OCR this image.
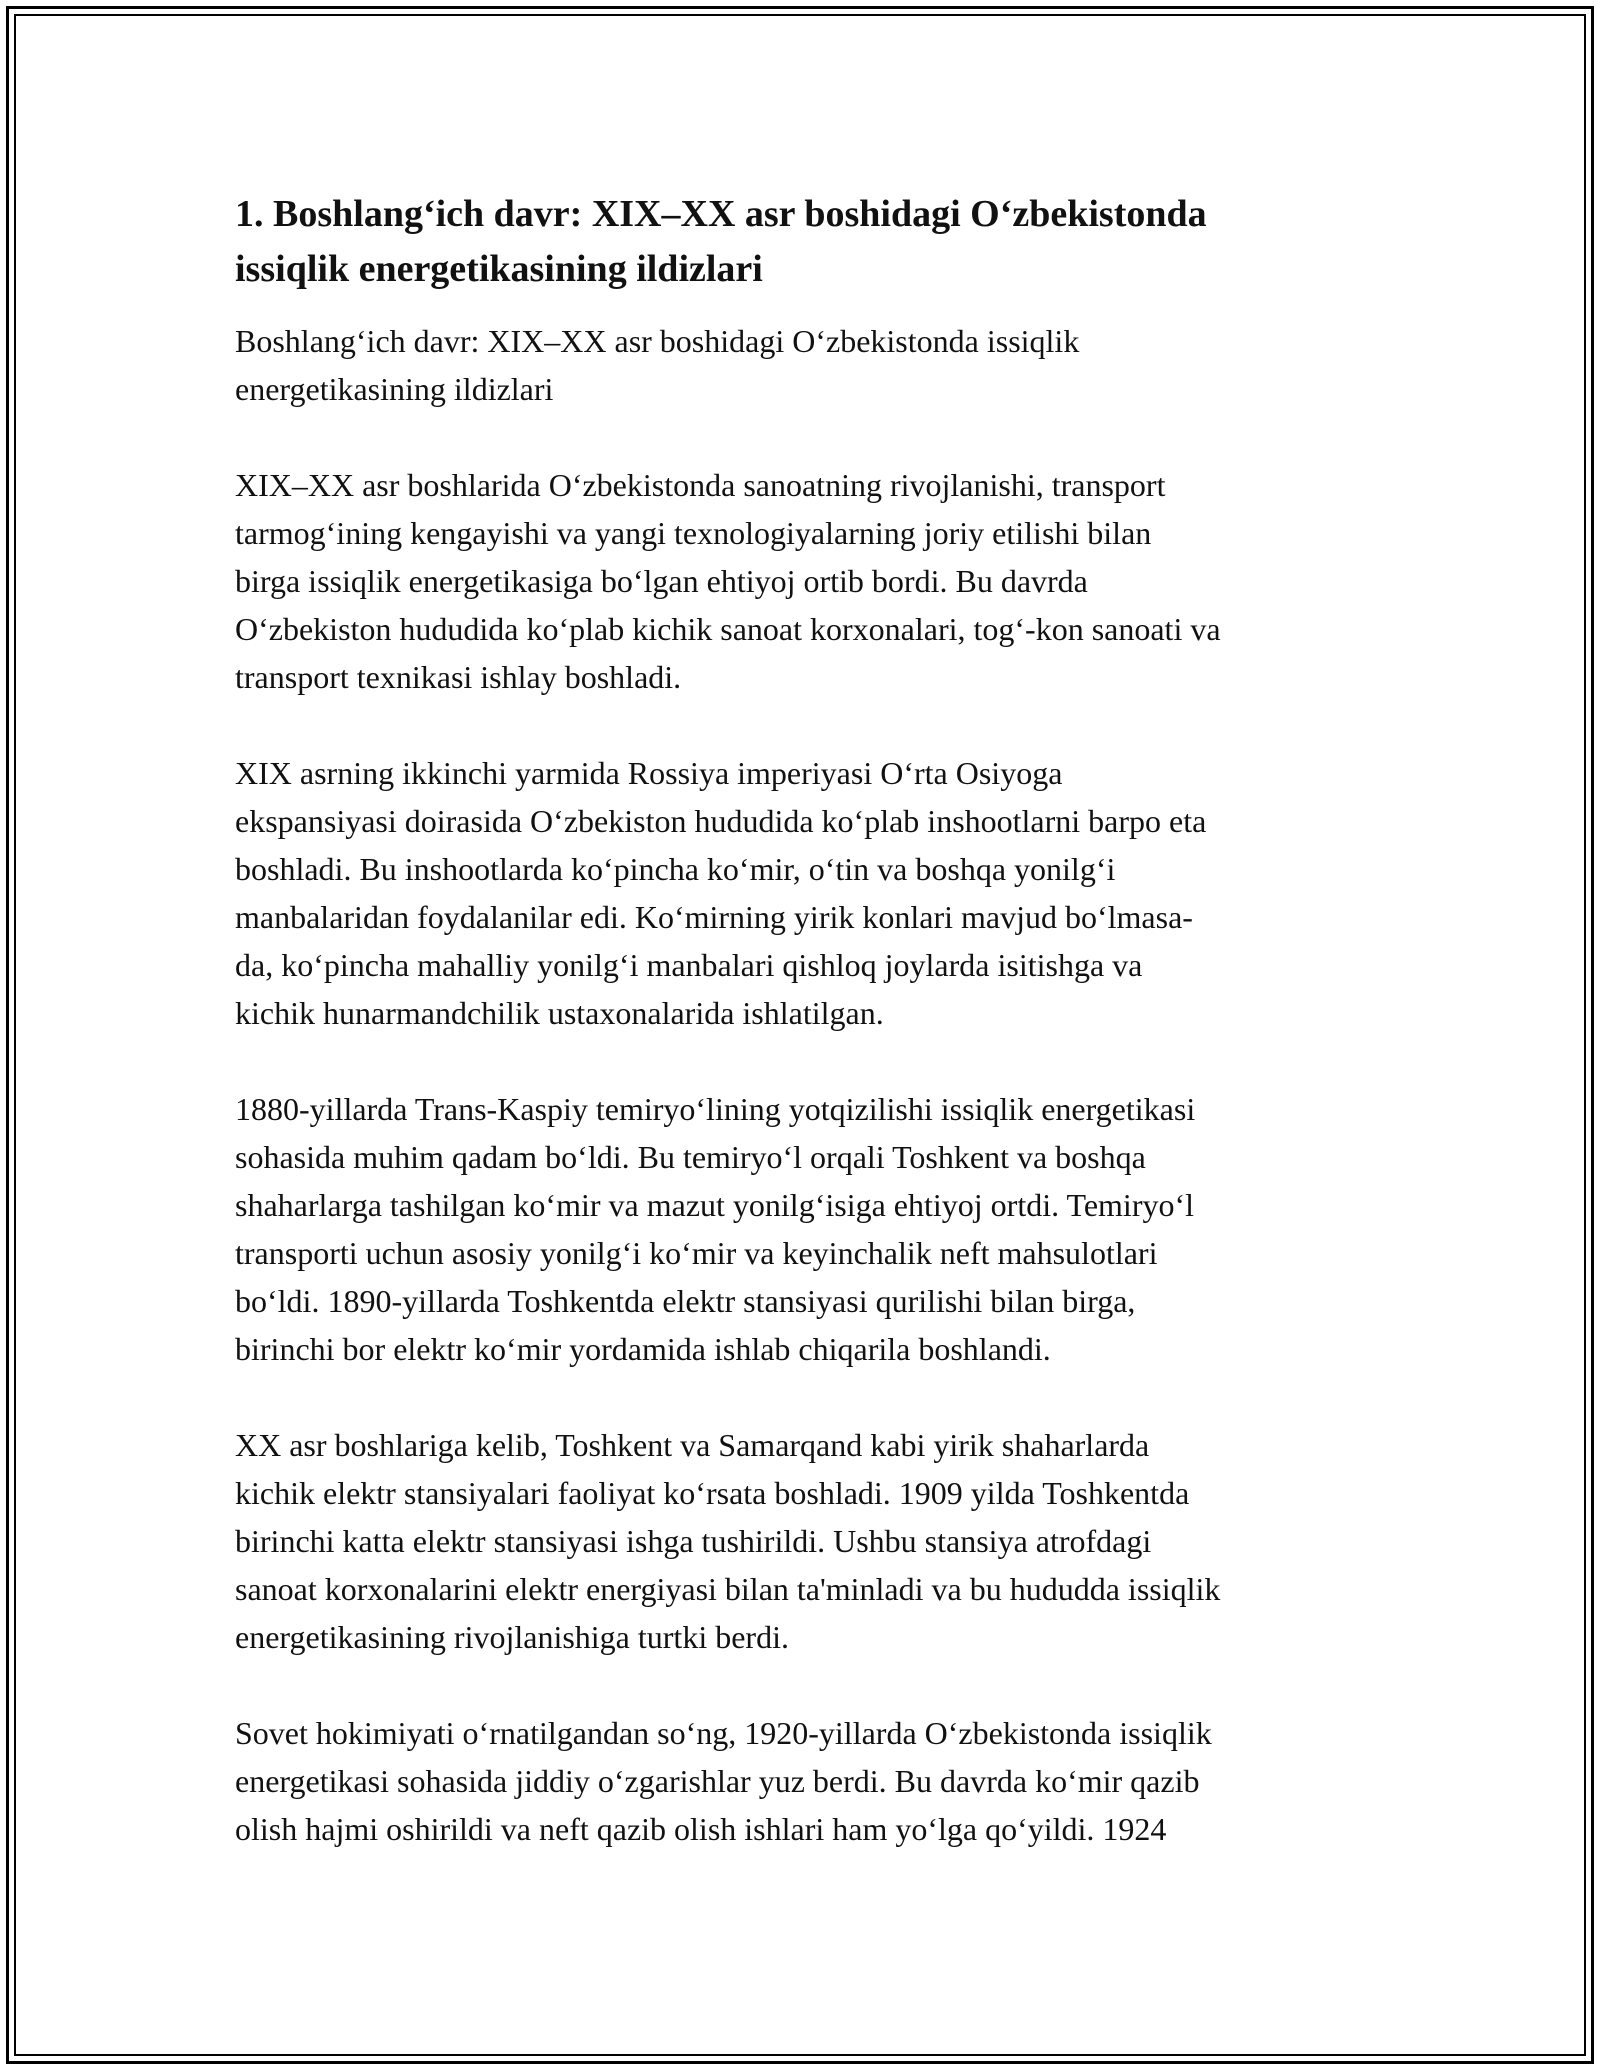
1. Boshlang‘ich davr: XIX–XX asr boshidagi O‘zbekistonda
issiqlik energetikasining ildizlari

Boshlang‘ich davr: XIX–XX asr boshidagi O‘zbekistonda issiqlik
energetikasining ildizlari

XIX–XX asr boshlarida O‘zbekistonda sanoatning rivojlanishi, transport
tarmog‘ining kengayishi va yangi texnologiyalarning joriy etilishi bilan
birga issiqlik energetikasiga bo‘lgan ehtiyoj ortib bordi. Bu davrda
O‘zbekiston hududida ko‘plab kichik sanoat korxonalari, tog‘-kon sanoati va
transport texnikasi ishlay boshladi.

XIX asrning ikkinchi yarmida Rossiya imperiyasi O‘rta Osiyoga
ekspansiyasi doirasida O‘zbekiston hududida ko‘plab inshootlarni barpo eta
boshladi. Bu inshootlarda ko‘pincha ko‘mir, o‘tin va boshqa yonilg‘i
manbalaridan foydalanilar edi. Ko‘mirning yirik konlari mavjud bo‘lmasa-
da, ko‘pincha mahalliy yonilg‘i manbalari qishloq joylarda isitishga va
kichik hunarmandchilik ustaxonalarida ishlatilgan.

1880-yillarda Trans-Kaspiy temiryo‘lining yotqizilishi issiqlik energetikasi
sohasida muhim qadam bo‘ldi. Bu temiryo‘l orqali Toshkent va boshqa
shaharlarga tashilgan ko‘mir va mazut yonilg‘isiga ehtiyoj ortdi. Temiryo‘l
transporti uchun asosiy yonilg‘i ko‘mir va keyinchalik neft mahsulotlari
bo‘ldi. 1890-yillarda Toshkentda elektr stansiyasi qurilishi bilan birga,
birinchi bor elektr ko‘mir yordamida ishlab chiqarila boshlandi.

XX asr boshlariga kelib, Toshkent va Samarqand kabi yirik shaharlarda
kichik elektr stansiyalari faoliyat ko‘rsata boshladi. 1909 yilda Toshkentda
birinchi katta elektr stansiyasi ishga tushirildi. Ushbu stansiya atrofdagi
sanoat korxonalarini elektr energiyasi bilan ta'minladi va bu hududda issiqlik
energetikasining rivojlanishiga turtki berdi.

Sovet hokimiyati o‘rnatilgandan so‘ng, 1920-yillarda O‘zbekistonda issiqlik
energetikasi sohasida jiddiy o‘zgarishlar yuz berdi. Bu davrda ko‘mir qazib
olish hajmi oshirildi va neft qazib olish ishlari ham yo‘lga qo‘yildi. 1924
